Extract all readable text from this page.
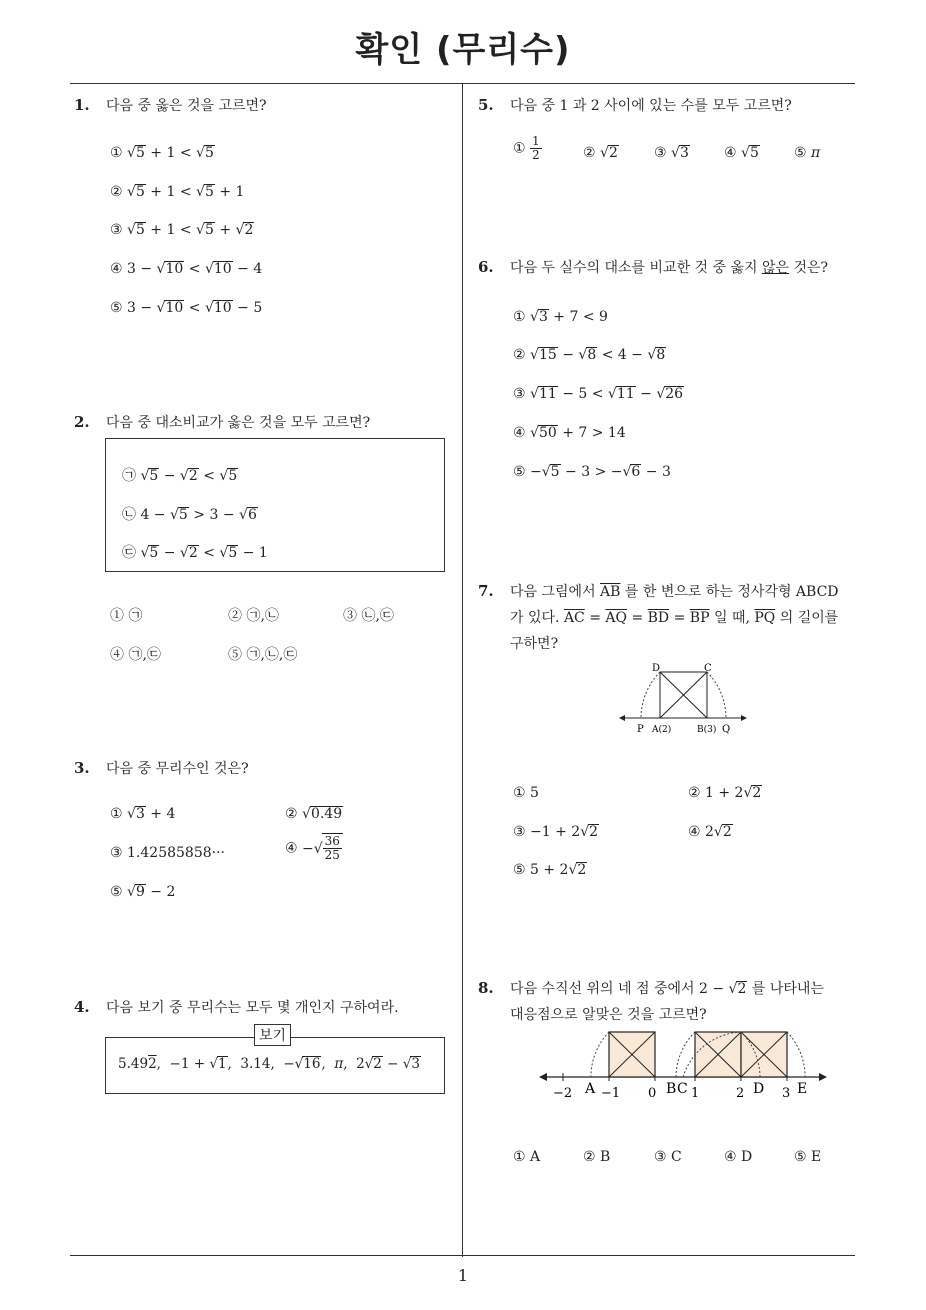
확인 (무리수)
1
1. 다음 중 옳은 것을 고르면?
① √5 + 1 < √5
② √5 + 1 < √5 + 1
③ √5 + 1 < √5 + √2
④ 3 − √10 < √10 − 4
⑤ 3 − √10 < √10 − 5
2. 다음 중 대소비교가 옳은 것을 모두 고르면?
㉠ √5 − √2 < √5
㉡ 4 − √5 > 3 − √6
㉢ √5 − √2 < √5 − 1
① ㉠	② ㉠,㉡	③ ㉡,㉢
④ ㉠,㉢	⑤ ㉠,㉡,㉢
3. 다음 중 무리수인 것은?
① √3 + 4	② √0.49
③ 1.42585858···	④ −√ $\frac{36}{25}$
⑤ √9 − 2
4. 다음 보기 중 무리수는 모두 몇 개인지 구하여라.
보기
5.492,  −1 + √1,  3.14,  −√16,  π,  2√2 − √3
5. 다음 중 1 과 2 사이에 있는 수를 모두 고르면?
① $\frac{1}{2}$	② √2	③ √3	④ √5	⑤ π
6. 다음 두 실수의 대소를 비교한 것 중 옳지 않은 것은?
① √3 + 7 < 9
② √15 − √8 < 4 − √8
③ √11 − 5 < √11 − √26
④ √50 + 7 > 14
⑤ −√5 − 3 > −√6 − 3
7. 다음 그림에서 $\overline{AB}$ 를 한 변으로 하는 정사각형 ABCD
가 있다. $\overline{AC} = \overline{AQ} = \overline{BD} = \overline{BP}$ 일 때, $\overline{PQ}$ 의 길이를
구하면?
D	C
P A(2)	B(3) Q
① 5	② 1 + 2√2
③ −1 + 2√2	④ 2√2
⑤ 5 + 2√2
8. 다음 수직선 위의 네 점 중에서 2 − √2 를 나타내는
대응점으로 알맞은 것을 고르면?
−2 −1 0	1	2	3
A	B C	D E
① A	② B	③ C	④ D	⑤ E
